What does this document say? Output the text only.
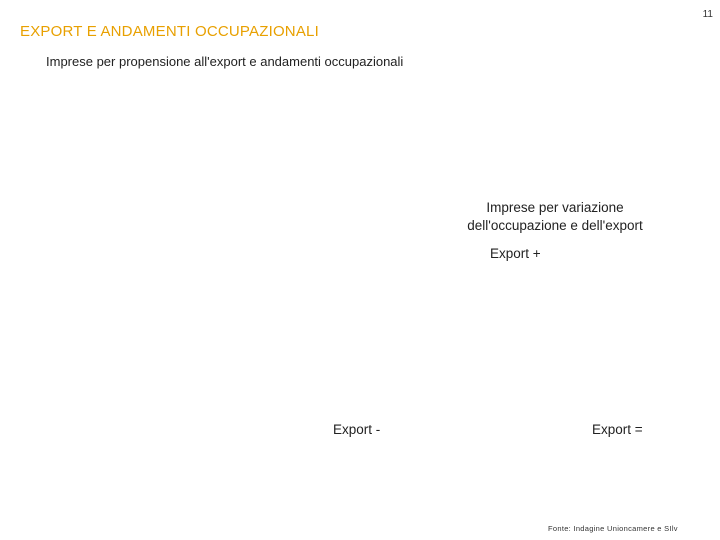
11
EXPORT E ANDAMENTI OCCUPAZIONALI
Imprese per propensione all'export e andamenti occupazionali
Imprese per variazione
dell'occupazione e dell'export
Export +
Export -	Export =
Fonte: Indagine Unioncamere e SIlv
